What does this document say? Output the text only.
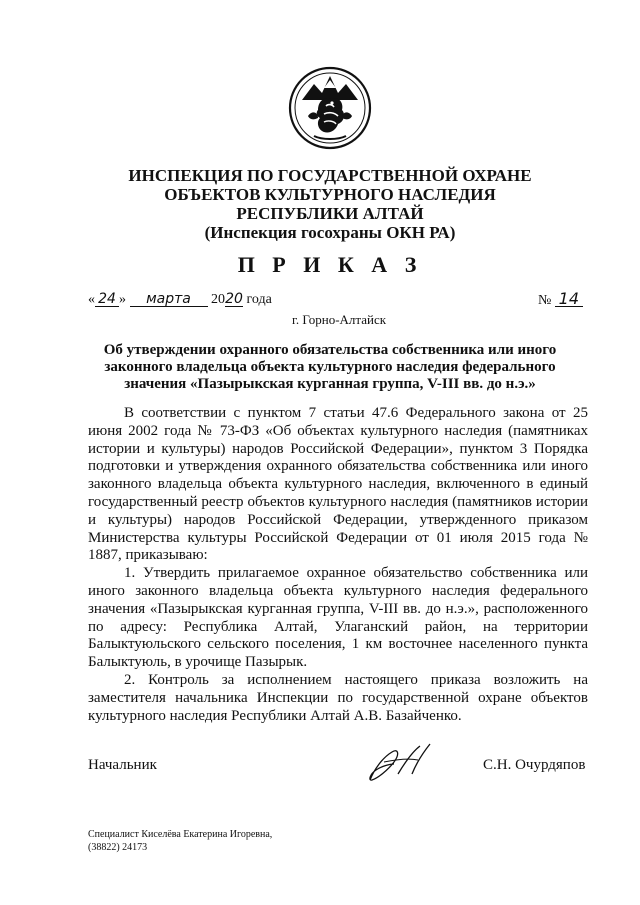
ИНСПЕКЦИЯ ПО ГОСУДАРСТВЕННОЙ ОХРАНЕ
ОБЪЕКТОВ КУЛЬТУРНОГО НАСЛЕДИЯ
РЕСПУБЛИКИ АЛТАЙ
(Инспекция госохраны ОКН РА)
П Р И К А З
« 24 » марта 2020 года	№ 14
г. Горно-Алтайск
Об утверждении охранного обязательства собственника или иного законного владельца объекта культурного наследия федерального значения «Пазырыкская курганная группа, V-III вв. до н.э.»

В соответствии с пунктом 7 статьи 47.6 Федерального закона от 25 июня 2002 года № 73-ФЗ «Об объектах культурного наследия (памятниках истории и культуры) народов Российской Федерации», пунктом 3 Порядка подготовки и утверждения охранного обязательства собственника или иного законного владельца объекта культурного наследия, включенного в единый государственный реестр объектов культурного наследия (памятников истории и культуры) народов Российской Федерации, утвержденного приказом Министерства культуры Российской Федерации от 01 июля 2015 года № 1887, приказываю:

1. Утвердить прилагаемое охранное обязательство собственника или иного законного владельца объекта культурного наследия федерального значения «Пазырыкская курганная группа, V-III вв. до н.э.», расположенного по адресу: Республика Алтай, Улаганский район, на территории Балыктуюльского сельского поселения, 1 км восточнее населенного пункта Балыктуюль, в урочище Пазырык.

2. Контроль за исполнением настоящего приказа возложить на заместителя начальника Инспекции по государственной охране объектов культурного наследия Республики Алтай А.В. Базайченко.

Начальник	С.Н. Очурдяпов
Специалист Киселёва Екатерина Игоревна,
(38822) 24173
